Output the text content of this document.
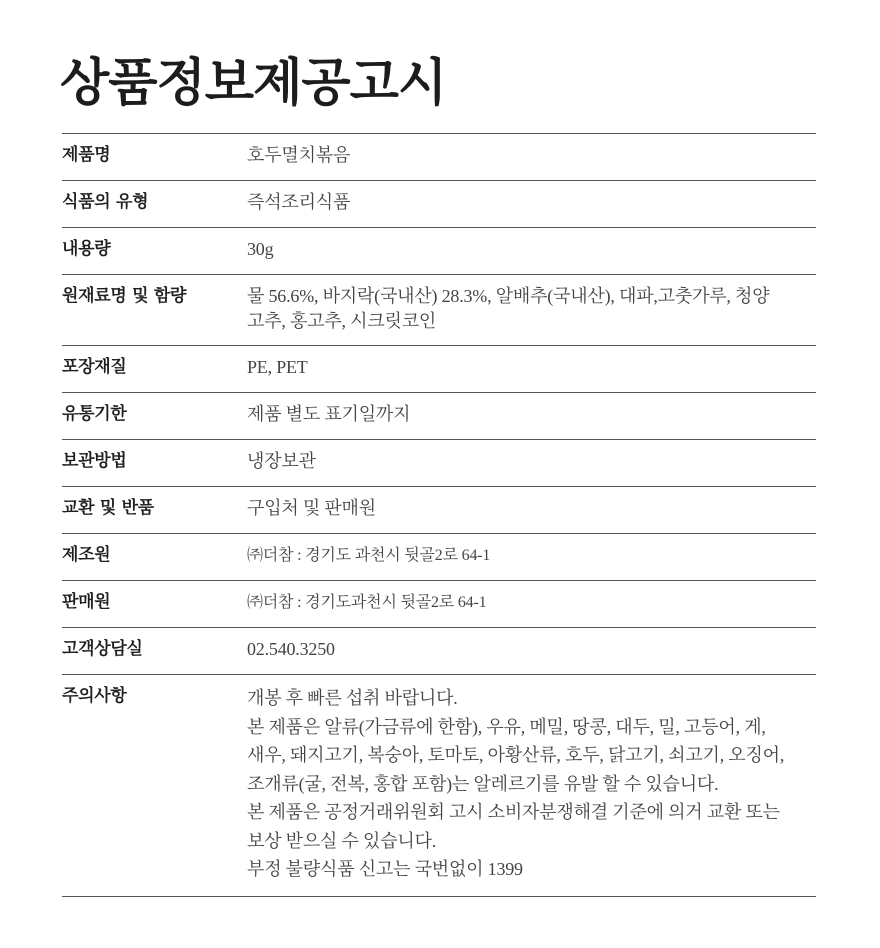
상품정보제공고시
제품명	호두멸치볶음
식품의 유형	즉석조리식품
내용량	30g
원재료명 및 함량	물 56.6%, 바지락(국내산) 28.3%, 알배추(국내산), 대파,고춧가루, 청양
고추, 홍고추, 시크릿코인
포장재질	PE, PET
유통기한	제품 별도 표기일까지
보관방법	냉장보관
교환 및 반품	구입처 및 판매원
제조원	㈜더참 : 경기도 과천시 뒷골2로 64-1
판매원	㈜더참 : 경기도과천시 뒷골2로 64-1
고객상담실	02.540.3250
주의사항	개봉 후 빠른 섭취 바랍니다.
본 제품은 알류(가금류에 한함), 우유, 메밀, 땅콩, 대두, 밀, 고등어, 게,
새우, 돼지고기, 복숭아, 토마토, 아황산류, 호두, 닭고기, 쇠고기, 오징어,
조개류(굴, 전복, 홍합 포함)는 알레르기를 유발 할 수 있습니다.
본 제품은 공정거래위원회 고시 소비자분쟁해결 기준에 의거 교환 또는
보상 받으실 수 있습니다.
부정 불량식품 신고는 국번없이 1399
